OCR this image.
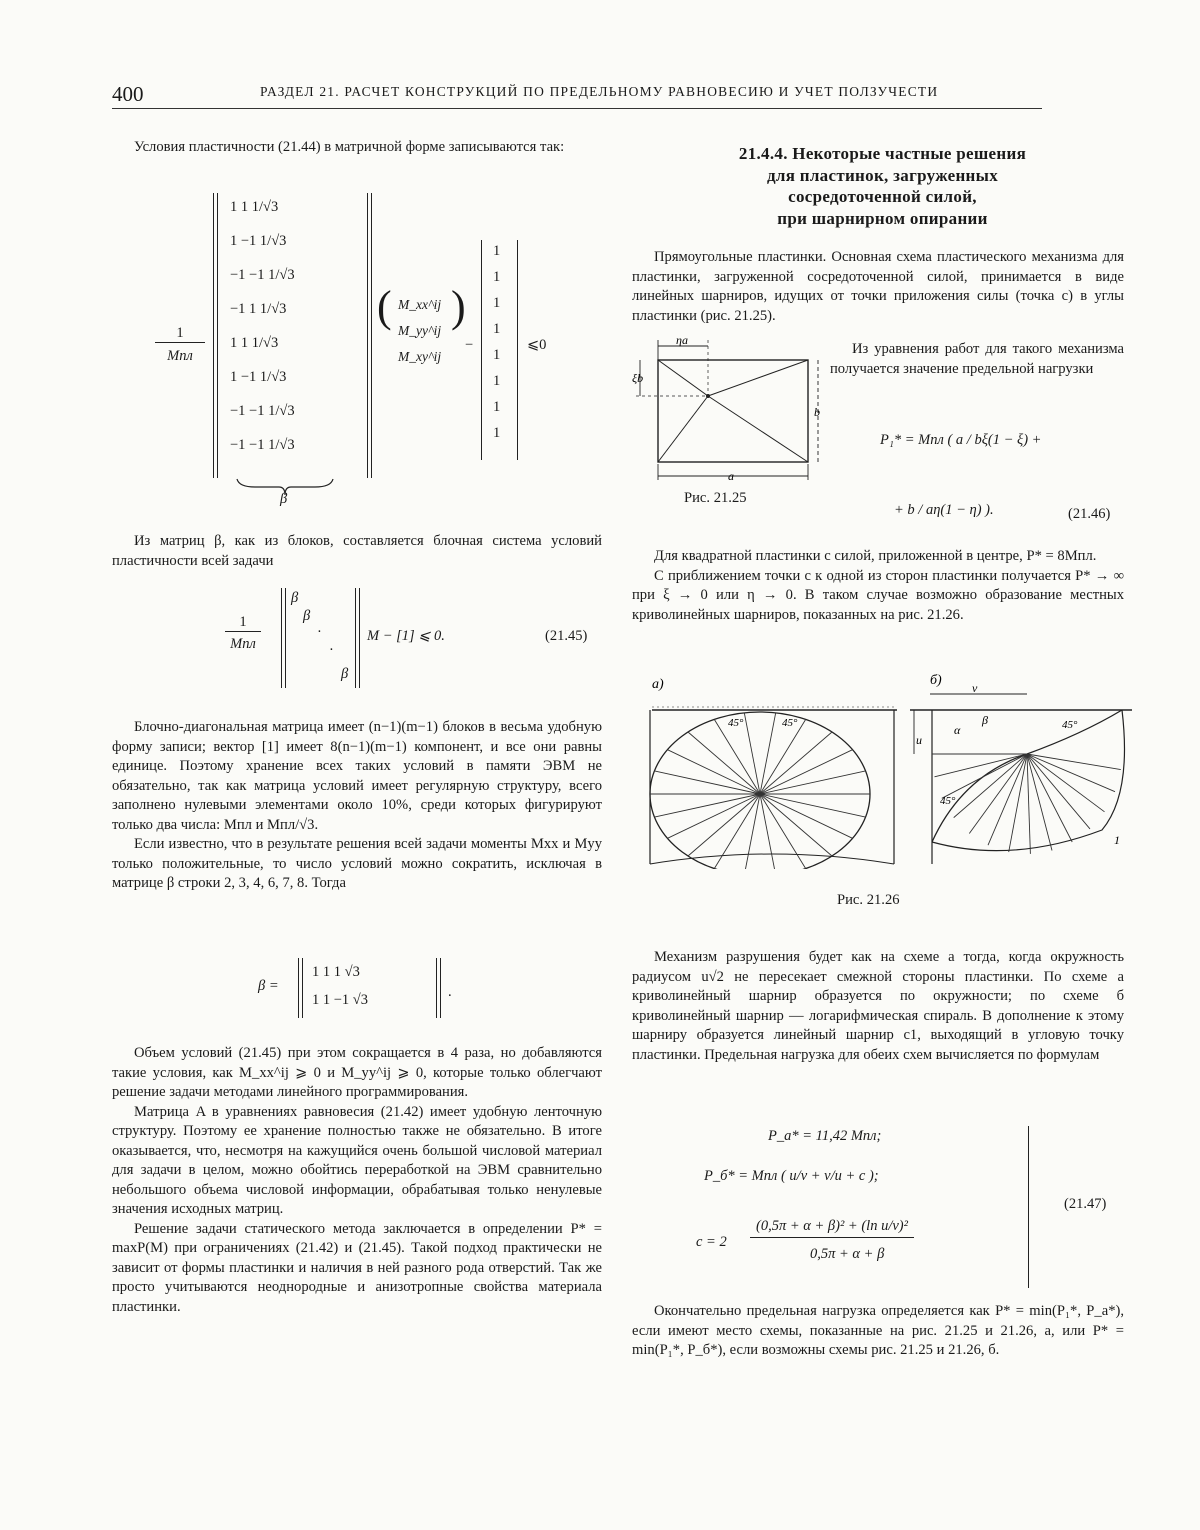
400	РАЗДЕЛ 21. РАСЧЕТ КОНСТРУКЦИЙ ПО ПРЕДЕЛЬНОМУ РАВНОВЕСИЮ И УЧЕТ ПОЛЗУЧЕСТИ

Условия пластичности (21.44) в матричной форме записываются так:

1
Mпл
1 1 1/√3
1 −1 1/√3
−1 −1 1/√3
−1 1 1/√3
1 1 1/√3
1 −1 1/√3
−1 −1 1/√3
−1 −1 1/√3
β
( M_xx^ij
M_yy^ij
M_xy^ij
)
−
1
1
1
1
1
1
1
1
⩽0

Из матриц β, как из блоков, составляется блочная система условий пластичности всей задачи

1
Mпл
β
β
·
·
β
M − [1] ⩽ 0.	(21.45)

Блочно-диагональная матрица имеет (n−1)(m−1) блоков в весьма удобную форму записи; вектор [1] имеет 8(n−1)(m−1) компонент, и все они равны единице. Поэтому хранение всех таких условий в памяти ЭВМ не обязательно, так как матрица условий имеет регулярную структуру, всего заполнено нулевыми элементами около 10%, среди которых фигурируют только два числа: Mпл и Mпл/√3.

Если известно, что в результате решения всей задачи моменты Mxx и Myy только положительные, то число условий можно сократить, исключая в матрице β строки 2, 3, 4, 6, 7, 8. Тогда

β =
1 1 1 √3
1 1 −1 √3	.

Объем условий (21.45) при этом сокращается в 4 раза, но добавляются такие условия, как M_xx^ij ⩾ 0 и M_yy^ij ⩾ 0, которые только облегчают решение задачи методами линейного программирования.

Матрица A в уравнениях равновесия (21.42) имеет удобную ленточную структуру. Поэтому ее хранение полностью также не обязательно. В итоге оказывается, что, несмотря на кажущийся очень большой числовой материал для задачи в целом, можно обойтись переработкой на ЭВМ сравнительно небольшого объема числовой информации, обрабатывая только ненулевые значения исходных матриц.

Решение задачи статического метода заключается в определении P* = maxP(M) при ограничениях (21.42) и (21.45). Такой подход практически не зависит от формы пластинки и наличия в ней разного рода отверстий. Так же просто учитываются неоднородные и анизотропные свойства материала пластинки.

21.4.4. Некоторые частные решения
для пластинок, загруженных
сосредоточенной силой,
при шарнирном опирании

Прямоугольные пластинки. Основная схема пластического механизма для пластинки, загруженной сосредоточенной силой, принимается в виде линейных шарниров, идущих от точки приложения силы (точка c) в углы пластинки (рис. 21.25).

ηa
ξb
a
b
Рис. 21.25

Из уравнения работ для такого механизма получается значение предельной нагрузки

P₁* = Mпл ( a / bξ(1 − ξ) +
+ b / aη(1 − η) ).	(21.46)

Для квадратной пластинки с силой, приложенной в центре, P* = 8Mпл.

С приближением точки c к одной из сторон пластинки получается P* → ∞ при ξ → 0 или η → 0. В таком случае возможно образование местных криволинейных шарниров, показанных на рис. 21.26.

а)
45°	45°
б)	v
u
β
α
45°
45°
1
Рис. 21.26

Механизм разрушения будет как на схеме а тогда, когда окружность радиусом u√2 не пересекает смежной стороны пластинки. По схеме а криволинейный шарнир образуется по окружности; по схеме б криволинейный шарнир — логарифмическая спираль. В дополнение к этому шарниру образуется линейный шарнир c1, выходящий в угловую точку пластинки. Предельная нагрузка для обеих схем вычисляется по формулам

P_a* = 11,42 Mпл;
P_б* = Mпл ( u/v + v/u + c );
c = 2
(0,5π + α + β)² + (ln u/v)²
0,5π + α + β
(21.47)

Окончательно предельная нагрузка определяется как P* = min(P₁*, P_a*), если имеют место схемы, показанные на рис. 21.25 и 21.26, а, или P* = min(P₁*, P_б*), если возможны схемы рис. 21.25 и 21.26, б.
